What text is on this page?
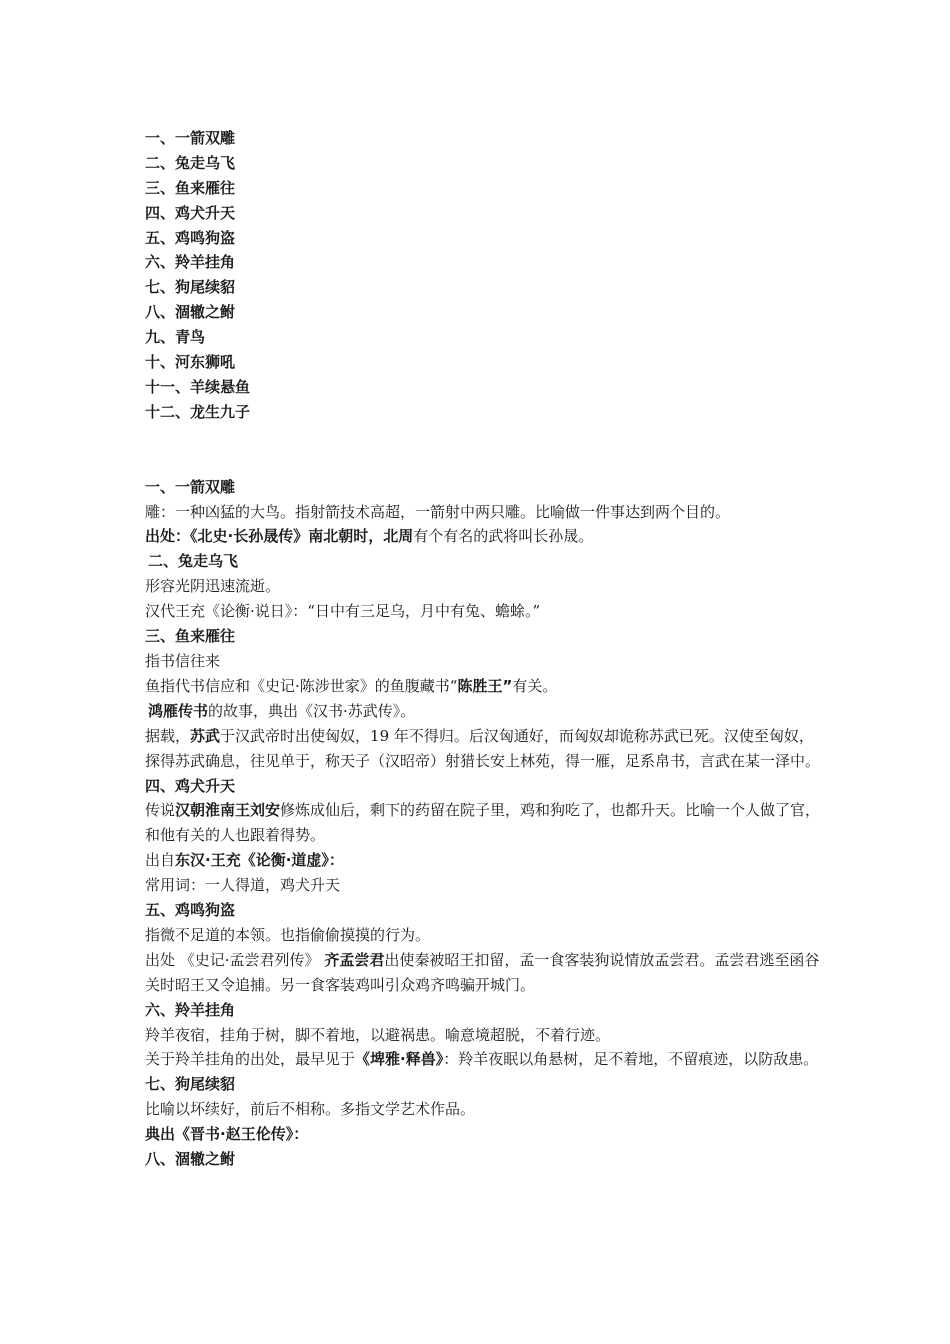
一、一箭双雕
二、兔走乌飞
三、鱼来雁往
四、鸡犬升天
五、鸡鸣狗盗
六、羚羊挂角
七、狗尾续貂
八、涸辙之鲋
九、青鸟
十、河东狮吼
十一、羊续悬鱼
十二、龙生九子
一、一箭双雕
雕：一种凶猛的大鸟。指射箭技术高超，一箭射中两只雕。比喻做一件事达到两个目的。
出处：《北史·长孙晟传》南北朝时，北周有个有名的武将叫长孙晟。
二、兔走乌飞
形容光阴迅速流逝。
汉代王充《论衡·说日》：“日中有三足乌，月中有兔、蟾蜍。”
三、鱼来雁往
指书信往来
鱼指代书信应和《史记·陈涉世家》的鱼腹藏书“陈胜王”有关。
鸿雁传书的故事，典出《汉书·苏武传》。
据载，苏武于汉武帝时出使匈奴，19 年不得归。后汉匈通好，而匈奴却诡称苏武已死。汉使至匈奴，探得苏武确息，往见单于，称天子（汉昭帝）射猎长安上林苑，得一雁，足系帛书，言武在某一泽中。
四、鸡犬升天
传说汉朝淮南王刘安修炼成仙后，剩下的药留在院子里，鸡和狗吃了，也都升天。比喻一个人做了官，和他有关的人也跟着得势。
出自东汉·王充《论衡·道虚》：
常用词：一人得道，鸡犬升天
五、鸡鸣狗盗
指微不足道的本领。也指偷偷摸摸的行为。
出处 《史记·孟尝君列传》 齐孟尝君出使秦被昭王扣留，孟一食客装狗说情放孟尝君。孟尝君逃至函谷关时昭王又令追捕。另一食客装鸡叫引众鸡齐鸣骗开城门。
六、羚羊挂角
羚羊夜宿，挂角于树，脚不着地，以避祸患。喻意境超脱，不着行迹。
关于羚羊挂角的出处，最早见于《埤雅·释兽》：羚羊夜眠以角悬树，足不着地，不留痕迹，以防敌患。
七、狗尾续貂
比喻以坏续好，前后不相称。多指文学艺术作品。
典出《晋书·赵王伦传》：
八、涸辙之鲋
